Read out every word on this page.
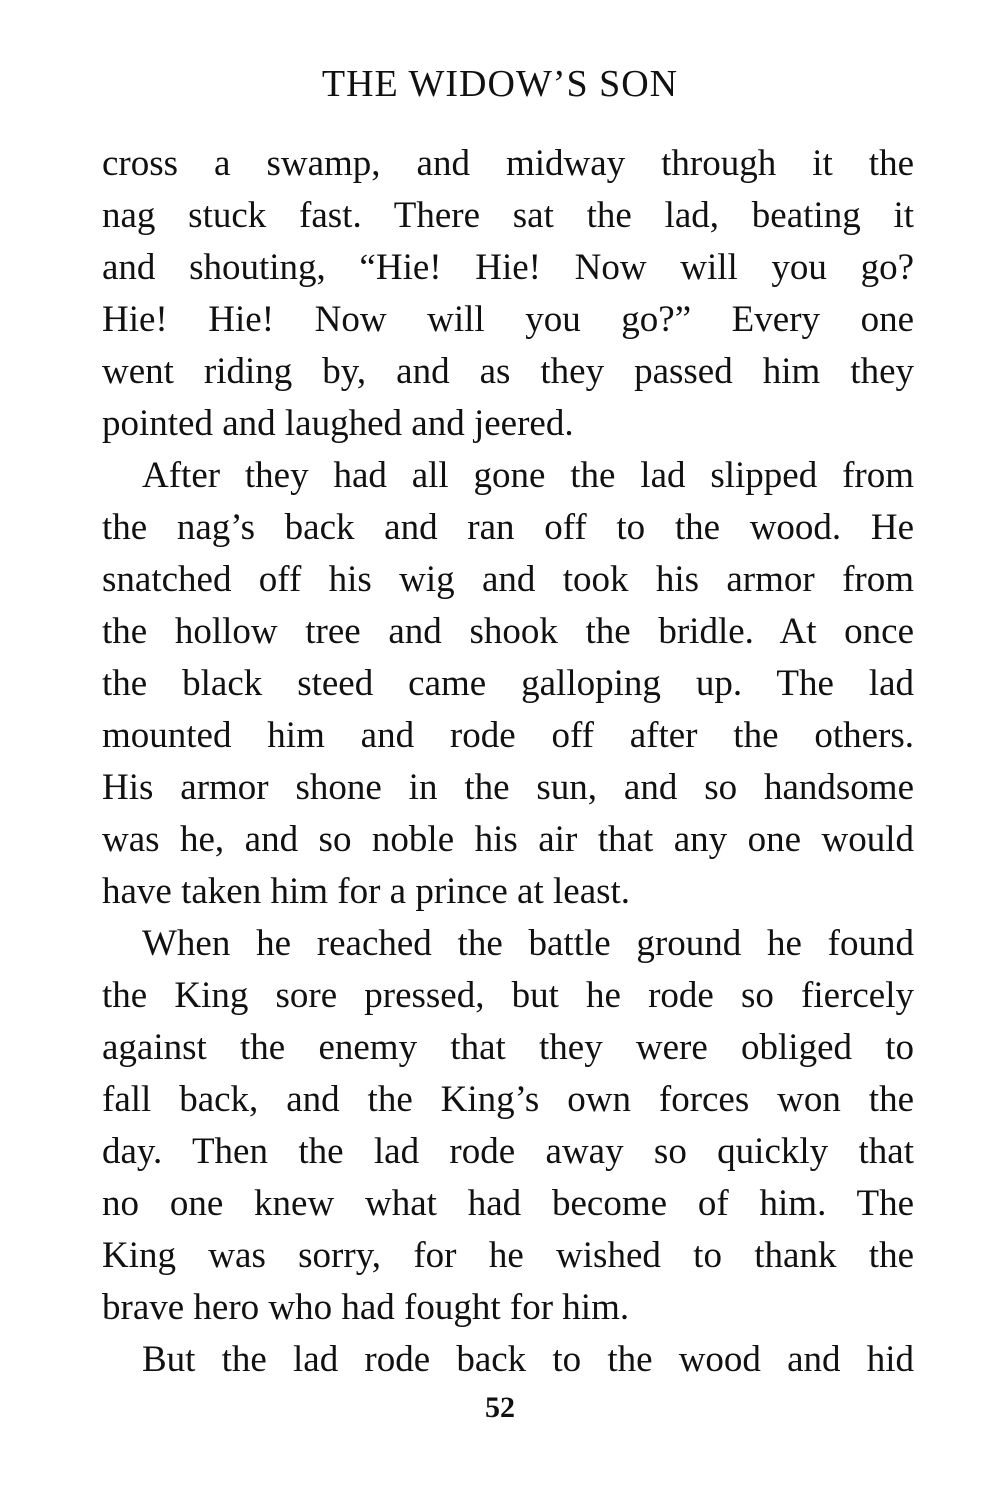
THE WIDOW’S SON
cross a swamp, and midway through it the
nag stuck fast. There sat the lad, beating it
and shouting, “Hie! Hie! Now will you go?
Hie! Hie! Now will you go?” Every one
went riding by, and as they passed him they
pointed and laughed and jeered.
After they had all gone the lad slipped from
the nag’s back and ran off to the wood. He
snatched off his wig and took his armor from
the hollow tree and shook the bridle. At once
the black steed came galloping up. The lad
mounted him and rode off after the others.
His armor shone in the sun, and so handsome
was he, and so noble his air that any one would
have taken him for a prince at least.
When he reached the battle ground he found
the King sore pressed, but he rode so fiercely
against the enemy that they were obliged to
fall back, and the King’s own forces won the
day. Then the lad rode away so quickly that
no one knew what had become of him. The
King was sorry, for he wished to thank the
brave hero who had fought for him.
But the lad rode back to the wood and hid
52
